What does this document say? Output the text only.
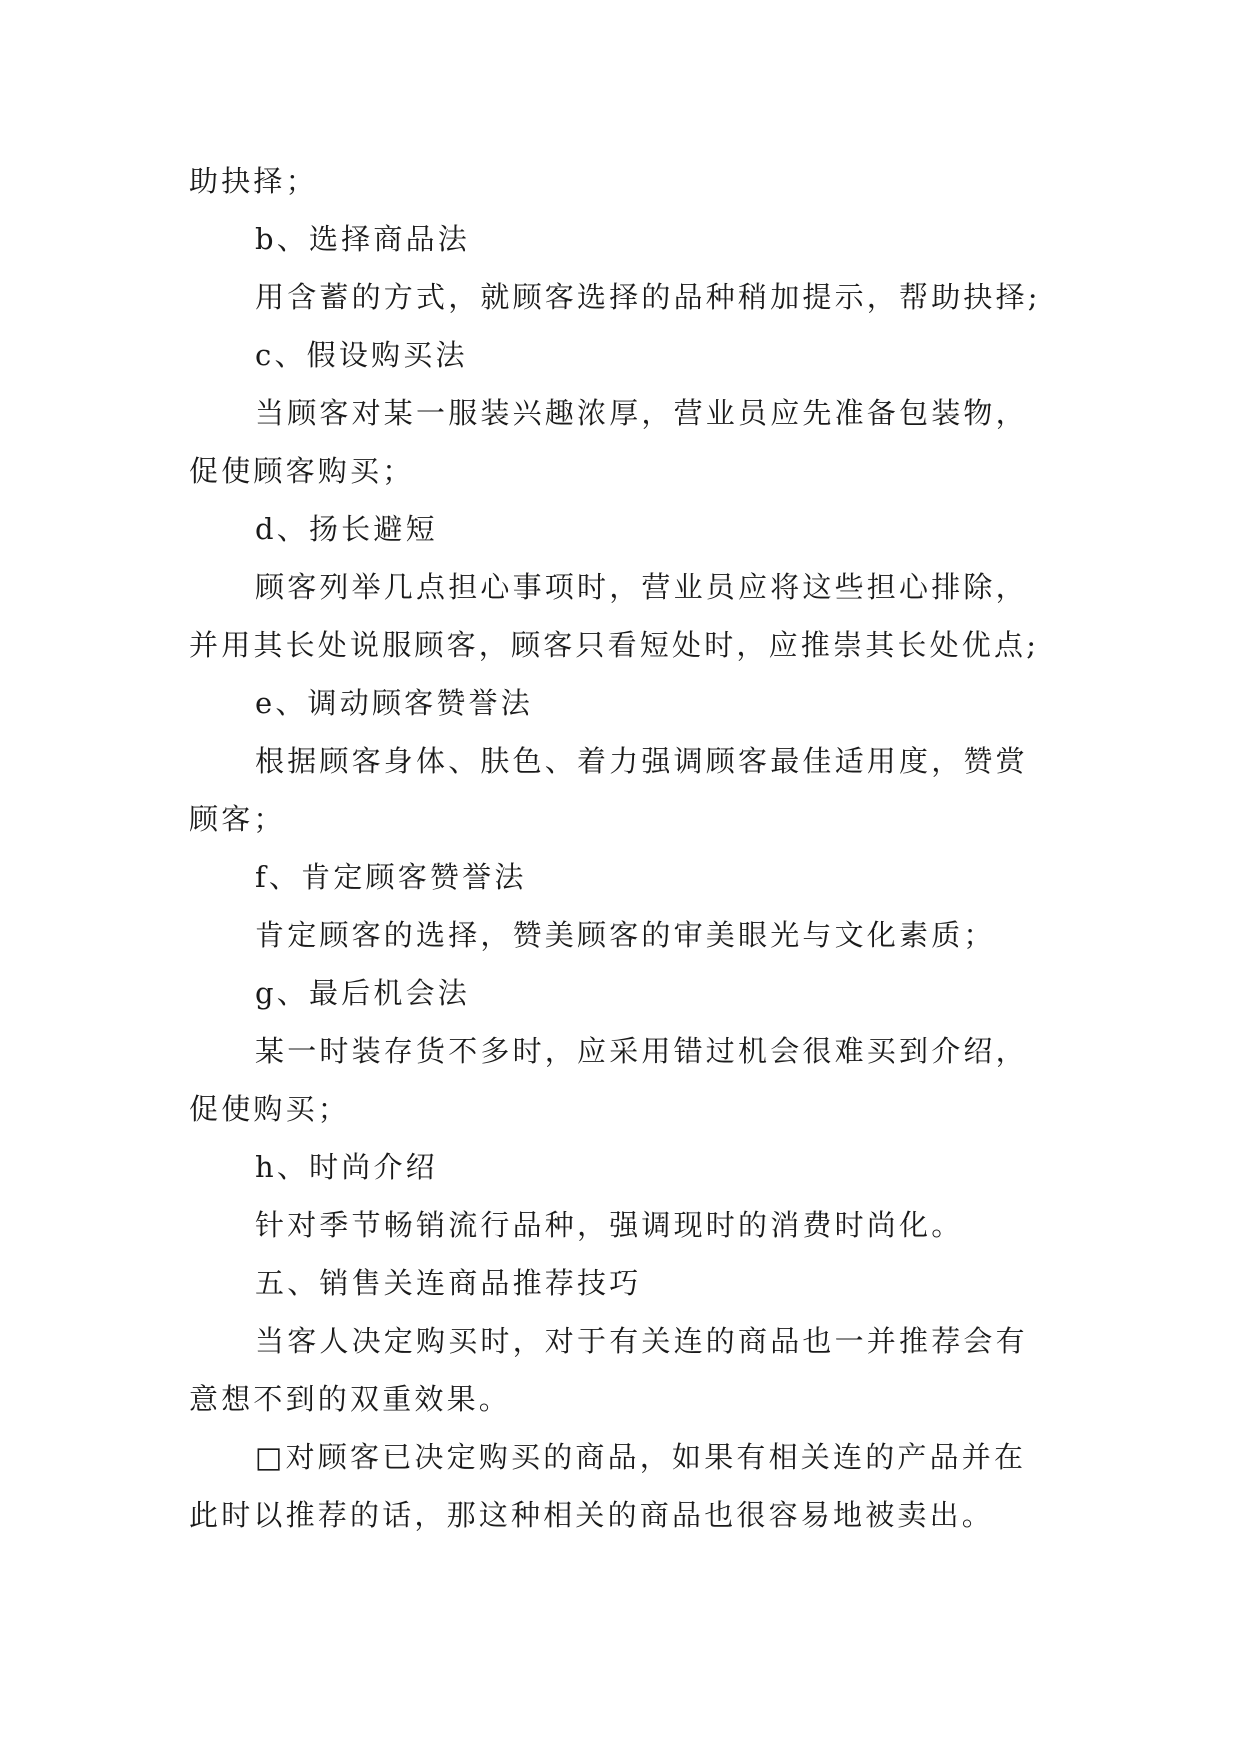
助抉择；
b、选择商品法
用含蓄的方式，就顾客选择的品种稍加提示，帮助抉择;
c、假设购买法
当顾客对某一服装兴趣浓厚，营业员应先准备包装物，
促使顾客购买；
d、扬长避短
顾客列举几点担心事项时，营业员应将这些担心排除，
并用其长处说服顾客，顾客只看短处时，应推崇其长处优点;
e、调动顾客赞誉法
根据顾客身体、肤色、着力强调顾客最佳适用度，赞赏
顾客；
f、肯定顾客赞誉法
肯定顾客的选择，赞美顾客的审美眼光与文化素质；
g、最后机会法
某一时装存货不多时，应采用错过机会很难买到介绍，
促使购买；
h、时尚介绍
针对季节畅销流行品种，强调现时的消费时尚化。
五、销售关连商品推荐技巧
当客人决定购买时，对于有关连的商品也一并推荐会有
意想不到的双重效果。
□对顾客已决定购买的商品，如果有相关连的产品并在
此时以推荐的话，那这种相关的商品也很容易地被卖出。
